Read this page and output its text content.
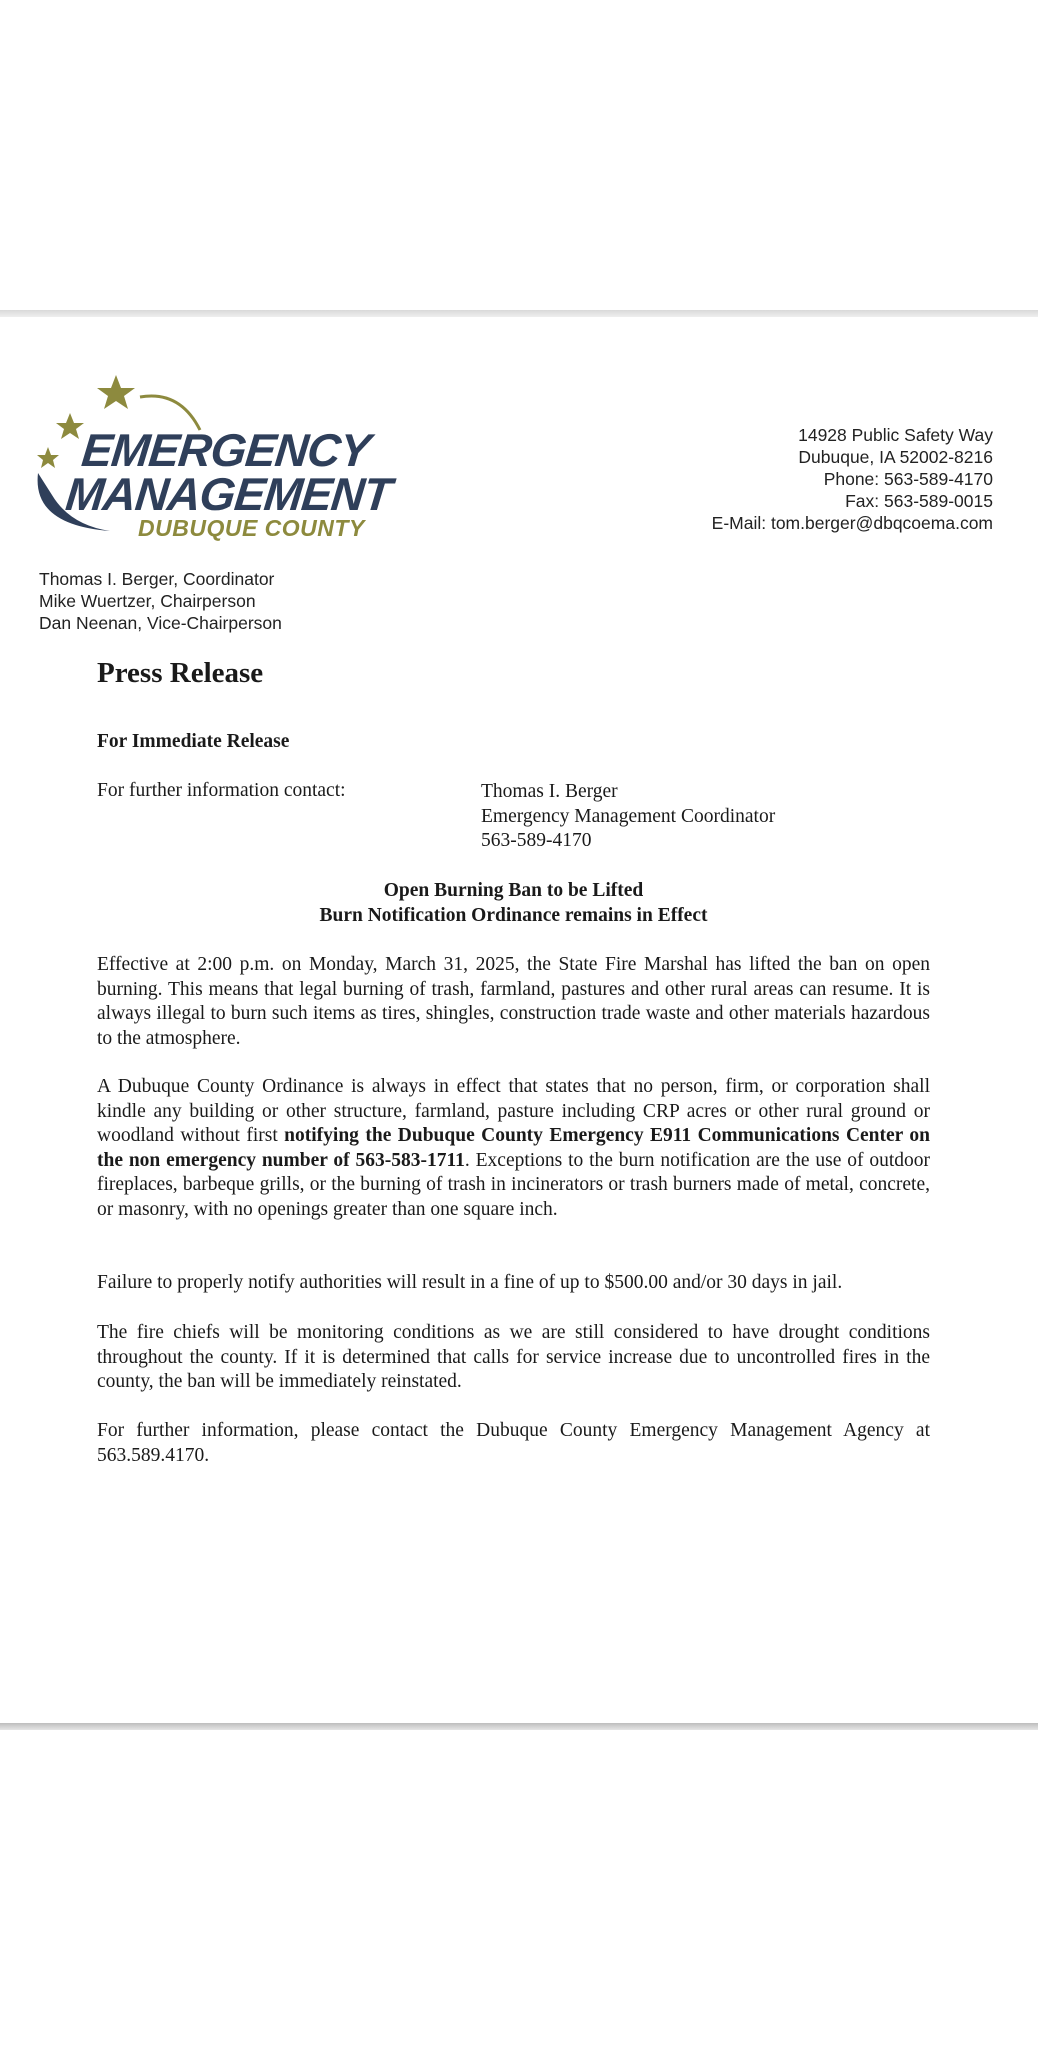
EMERGENCY
MANAGEMENT
DUBUQUE COUNTY
14928 Public Safety Way
Dubuque, IA 52002-8216
Phone: 563-589-4170
Fax: 563-589-0015
E-Mail: tom.berger@dbqcoema.com
Thomas I. Berger, Coordinator
Mike Wuertzer, Chairperson
Dan Neenan, Vice-Chairperson
Press Release
For Immediate Release
For further information contact:	Thomas I. Berger
Emergency Management Coordinator
563-589-4170
Open Burning Ban to be Lifted
Burn Notification Ordinance remains in Effect

Effective at 2:00 p.m. on Monday, March 31, 2025, the State Fire Marshal has lifted the ban on open burning. This means that legal burning of trash, farmland, pastures and other rural areas can resume. It is always illegal to burn such items as tires, shingles, construction trade waste and other materials hazardous to the atmosphere.

A Dubuque County Ordinance is always in effect that states that no person, firm, or corporation shall kindle any building or other structure, farmland, pasture including CRP acres or other rural ground or woodland without first notifying the Dubuque County Emergency E911 Communications Center on the non emergency number of 563-583-1711. Exceptions to the burn notification are the use of outdoor fireplaces, barbeque grills, or the burning of trash in incinerators or trash burners made of metal, concrete, or masonry, with no openings greater than one square inch.

Failure to properly notify authorities will result in a fine of up to $500.00 and/or 30 days in jail.

The fire chiefs will be monitoring conditions as we are still considered to have drought conditions throughout the county. If it is determined that calls for service increase due to uncontrolled fires in the county, the ban will be immediately reinstated.

For further information, please contact the Dubuque County Emergency Management Agency at 563.589.4170.
